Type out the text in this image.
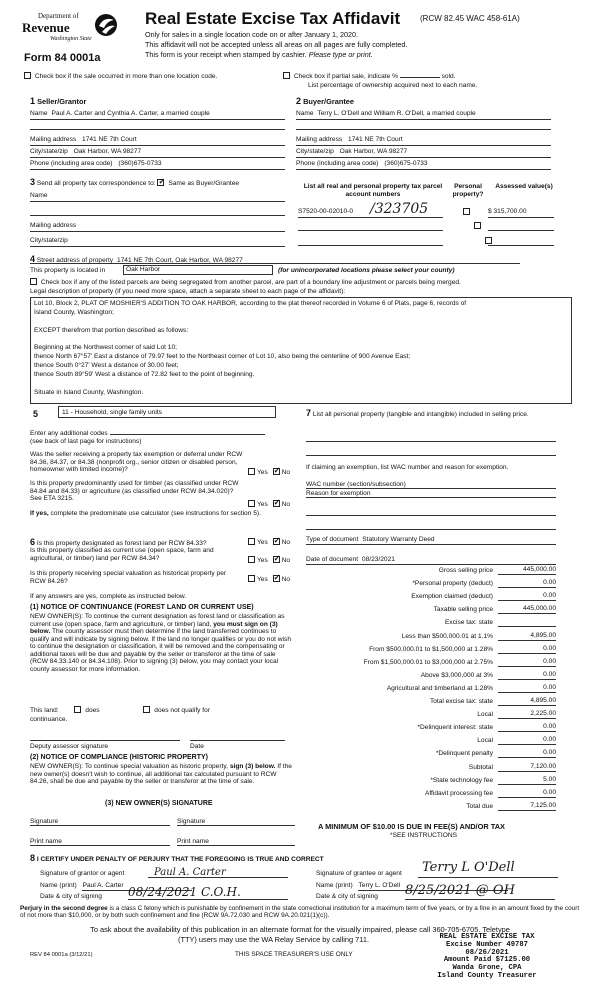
Department of
Revenue
Washington State
Form 84 0001a
Real Estate Excise Tax Affidavit (RCW 82.45 WAC 458-61A)
Only for sales in a single location code on or after January 1, 2020.
This affidavit will not be accepted unless all areas on all pages are fully completed.
This form is your receipt when stamped by cashier. Please type or print.
Check box if the sale occurred in more than one location code.	Check box if partial sale, indicate %	sold.
List percentage of ownership acquired next to each name.
1 Seller/Grantor
Name Paul A. Carter and Cynthia A. Carter, a married couple
Mailing address 1741 NE 7th Court
City/state/zip Oak Harbor, WA 98277
Phone (including area code) (360)675-0733
2 Buyer/Grantee
Name Terry L. O'Dell and William R. O'Dell, a married couple
Mailing address 1741 NE 7th Court
City/state/zip Oak Harbor, WA 98277
Phone (including area code) (360)675-0733
3 Send all property tax correspondence to: ✓ Same as Buyer/Grantee
Name
Mailing address
City/state/zip
List all real and personal property tax parcel account numbers
Personal property?
Assessed value(s)
S7520-00-02010-0	/323705
	$ 315,700.00

4 Street address of property 1741 NE 7th Court, Oak Harbor, WA 98277
This property is located in	Oak Harbor	(for unincorporated locations please select your county)
Check box if any of the listed parcels are being segregated from another parcel, are part of a boundary line adjustment or parcels being merged.
Legal description of property (if you need more space, attach a separate sheet to each page of the affidavit):
Lot 10, Block 2, PLAT OF MOSHIER'S ADDITION TO OAK HARBOR, according to the plat thereof recorded in Volume 6 of Plats, page 6, records of
Island County, Washington;
EXCEPT therefrom that portion described as follows:
Beginning at the Northwest corner of said Lot 10;
thence North 67°57' East a distance of 79.97 feet to the Northeast corner of Lot 10, also being the centerline of 900 Avenue East;
thence South 0°27' West a distance of 30.00 feet;
thence South 89°59' West a distance of 72.82 feet to the point of beginning.
Situate in Island County, Washington.
5	11 - Household, single family units
Enter any additional codes
(see back of last page for instructions)
Was the seller receiving a property tax exemption or deferral under RCW 84.36, 84.37, or 84.38 (nonprofit org., senior citizen or disabled person, homeowner with limited income)?	Yes ✓ No
Is this property predominantly used for timber (as classified under RCW 84.84 and 84.33) or agriculture (as classified under RCW 84.34.020)? See ETA 3215.
Yes ✓ No
If yes, complete the predominate use calculator (see instructions for section 5).
6 Is this property designated as forest land per RCW 84.33?	Yes ✓ No
Is this property classified as current use (open space, farm and agricultural, or timber) land per RCW 84.34?	Yes ✓ No
Is this property receiving special valuation as historical property per RCW 84.26?	Yes ✓ No
If any answers are yes, complete as instructed below.
(1) NOTICE OF CONTINUANCE (FOREST LAND OR CURRENT USE)
NEW OWNER(S): To continue the current designation as forest land or classification as current use (open space, farm and agriculture, or timber) land, you must sign on (3) below. The county assessor must then determine if the land transferred continues to qualify and will indicate by signing below. If the land no longer qualifies or you do not wish to continue the designation or classification, it will be removed and the compensating or additional taxes will be due and payable by the seller or transferor at the time of sale (RCW 84.33.140 or 84.34.108). Prior to signing (3) below, you may contact your local county assessor for more information.
This land:	does	does not qualify for
continuance.
Deputy assessor signature	Date
(2) NOTICE OF COMPLIANCE (HISTORIC PROPERTY)
NEW OWNER(S): To continue special valuation as historic property, sign (3) below. If the new owner(s) doesn't wish to continue, all additional tax calculated pursuant to RCW 84.26, shall be due and payable by the seller or transferor at the time of sale.
(3) NEW OWNER(S) SIGNATURE
Signature	Signature
Print name	Print name
7 List all personal property (tangible and intangible) included in selling price.
If claiming an exemption, list WAC number and reason for exemption.
WAC number (section/subsection)
Reason for exemption
Type of document Statutory Warranty Deed
Date of document 08/23/2021
Gross selling price	445,000.00
*Personal property (deduct)	0.00
Exemption claimed (deduct)	0.00
Taxable selling price	445,000.00
Excise tax: state
Less than $500,000.01 at 1.1%	4,895.00
From $500,000.01 to $1,500,000 at 1.28%	0.00
From $1,500,000.01 to $3,000,000 at 2.75%	0.00
Above $3,000,000 at 3%	0.00
Agricultural and timberland at 1.28%	0.00
Total excise tax: state	4,895.00
Local	2,225.00
*Delinquent interest: state	0.00
Local	0.00
*Delinquent penalty	0.00
Subtotal	7,120.00
*State technology fee	5.00
Affidavit processing fee	0.00
Total due	7,125.00
A MINIMUM OF $10.00 IS DUE IN FEE(S) AND/OR TAX
*SEE INSTRUCTIONS
8 I CERTIFY UNDER PENALTY OF PERJURY THAT THE FOREGOING IS TRUE AND CORRECT
Signature of grantor or agent	Paul A. Carter
Name (print) Paul A. Carter
Date & city of signing 08/24/2021 C.O.H.
Signature of grantee or agent	Terry L O'Dell
Name (print) Terry L. O'Dell
Date & city of signing 8/25/2021 @ OH
Perjury in the second degree is a class C felony which is punishable by confinement in the state correctional institution for a maximum term of five years, or by a fine in an amount fixed by the court of not more than $10,000, or by both such confinement and fine (RCW 9A.72.030 and RCW 9A.20.021(1)(c)).
To ask about the availability of this publication in an alternate format for the visually impaired, please call 360-705-6705. Teletype
(TTY) users may use the WA Relay Service by calling 711.
REV 84 0001a (3/12/21)	THIS SPACE TREASURER'S USE ONLY
REAL ESTATE EXCISE TAX
Excise Number 49787
08/26/2021
Amount Paid $7125.00
Wanda Grone, CPA
Island County Treasurer
